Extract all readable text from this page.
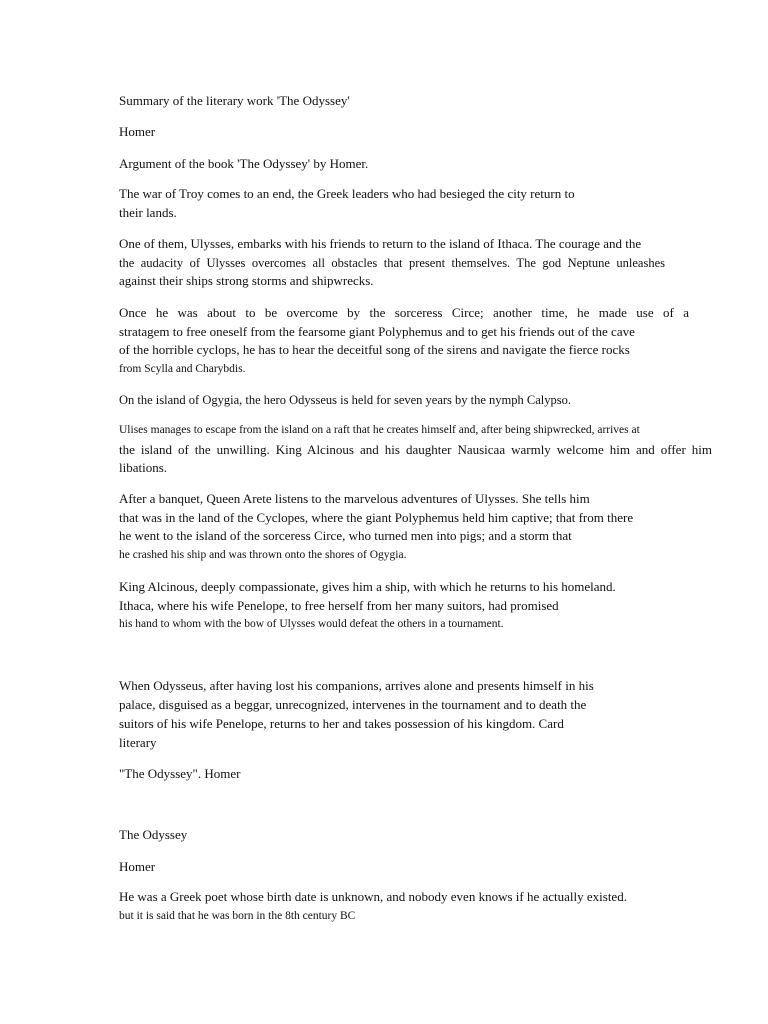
Summary of the literary work 'The Odyssey'
Homer
Argument of the book 'The Odyssey' by Homer.
The war of Troy comes to an end, the Greek leaders who had besieged the city return to
their lands.
One of them, Ulysses, embarks with his friends to return to the island of Ithaca. The courage and the
the audacity of Ulysses overcomes all obstacles that present themselves. The god Neptune unleashes
against their ships strong storms and shipwrecks.
Once he was about to be overcome by the sorceress Circe; another time, he made use of a
stratagem to free oneself from the fearsome giant Polyphemus and to get his friends out of the cave
of the horrible cyclops, he has to hear the deceitful song of the sirens and navigate the fierce rocks
from Scylla and Charybdis.
On the island of Ogygia, the hero Odysseus is held for seven years by the nymph Calypso.
Ulises manages to escape from the island on a raft that he creates himself and, after being shipwrecked, arrives at
the island of the unwilling. King Alcinous and his daughter Nausicaa warmly welcome him and offer him
libations.
After a banquet, Queen Arete listens to the marvelous adventures of Ulysses. She tells him
that was in the land of the Cyclopes, where the giant Polyphemus held him captive; that from there
he went to the island of the sorceress Circe, who turned men into pigs; and a storm that
he crashed his ship and was thrown onto the shores of Ogygia.
King Alcinous, deeply compassionate, gives him a ship, with which he returns to his homeland.
Ithaca, where his wife Penelope, to free herself from her many suitors, had promised
his hand to whom with the bow of Ulysses would defeat the others in a tournament.
When Odysseus, after having lost his companions, arrives alone and presents himself in his
palace, disguised as a beggar, unrecognized, intervenes in the tournament and to death the
suitors of his wife Penelope, returns to her and takes possession of his kingdom. Card
literary
"The Odyssey". Homer
The Odyssey
Homer
He was a Greek poet whose birth date is unknown, and nobody even knows if he actually existed.
but it is said that he was born in the 8th century BC
